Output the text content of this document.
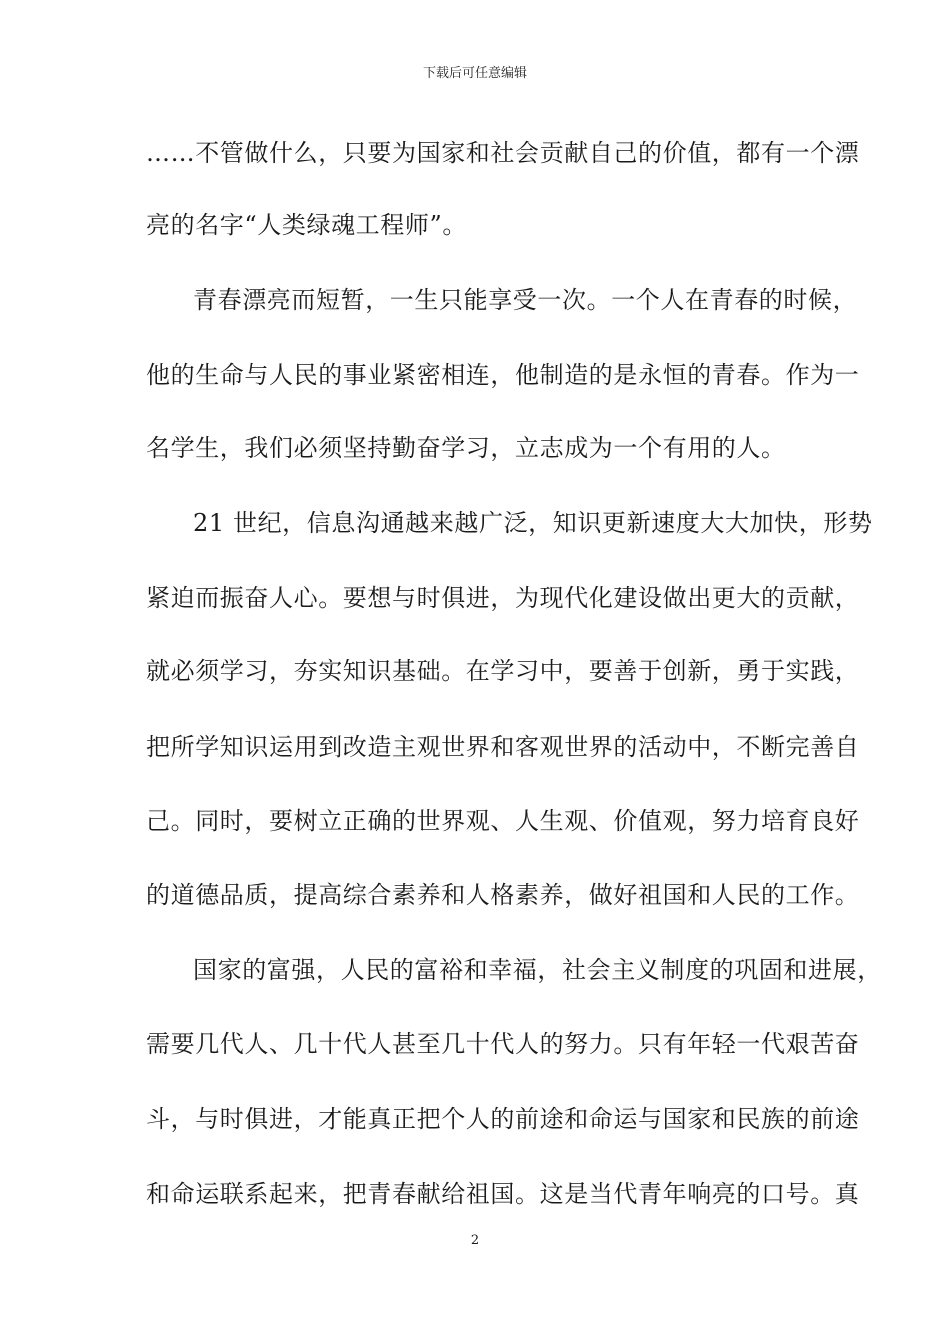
下载后可任意编辑
……不管做什么，只要为国家和社会贡献自己的价值，都有一个漂
亮的名字“人类绿魂工程师”。
青春漂亮而短暂，一生只能享受一次。一个人在青春的时候，
他的生命与人民的事业紧密相连，他制造的是永恒的青春。作为一
名学生，我们必须坚持勤奋学习，立志成为一个有用的人。
21 世纪，信息沟通越来越广泛，知识更新速度大大加快，形势
紧迫而振奋人心。要想与时俱进，为现代化建设做出更大的贡献，
就必须学习，夯实知识基础。在学习中，要善于创新，勇于实践，
把所学知识运用到改造主观世界和客观世界的活动中，不断完善自
己。同时，要树立正确的世界观、人生观、价值观，努力培育良好
的道德品质，提高综合素养和人格素养，做好祖国和人民的工作。
国家的富强，人民的富裕和幸福，社会主义制度的巩固和进展，
需要几代人、几十代人甚至几十代人的努力。只有年轻一代艰苦奋
斗，与时俱进，才能真正把个人的前途和命运与国家和民族的前途
和命运联系起来，把青春献给祖国。这是当代青年响亮的口号。真
2
